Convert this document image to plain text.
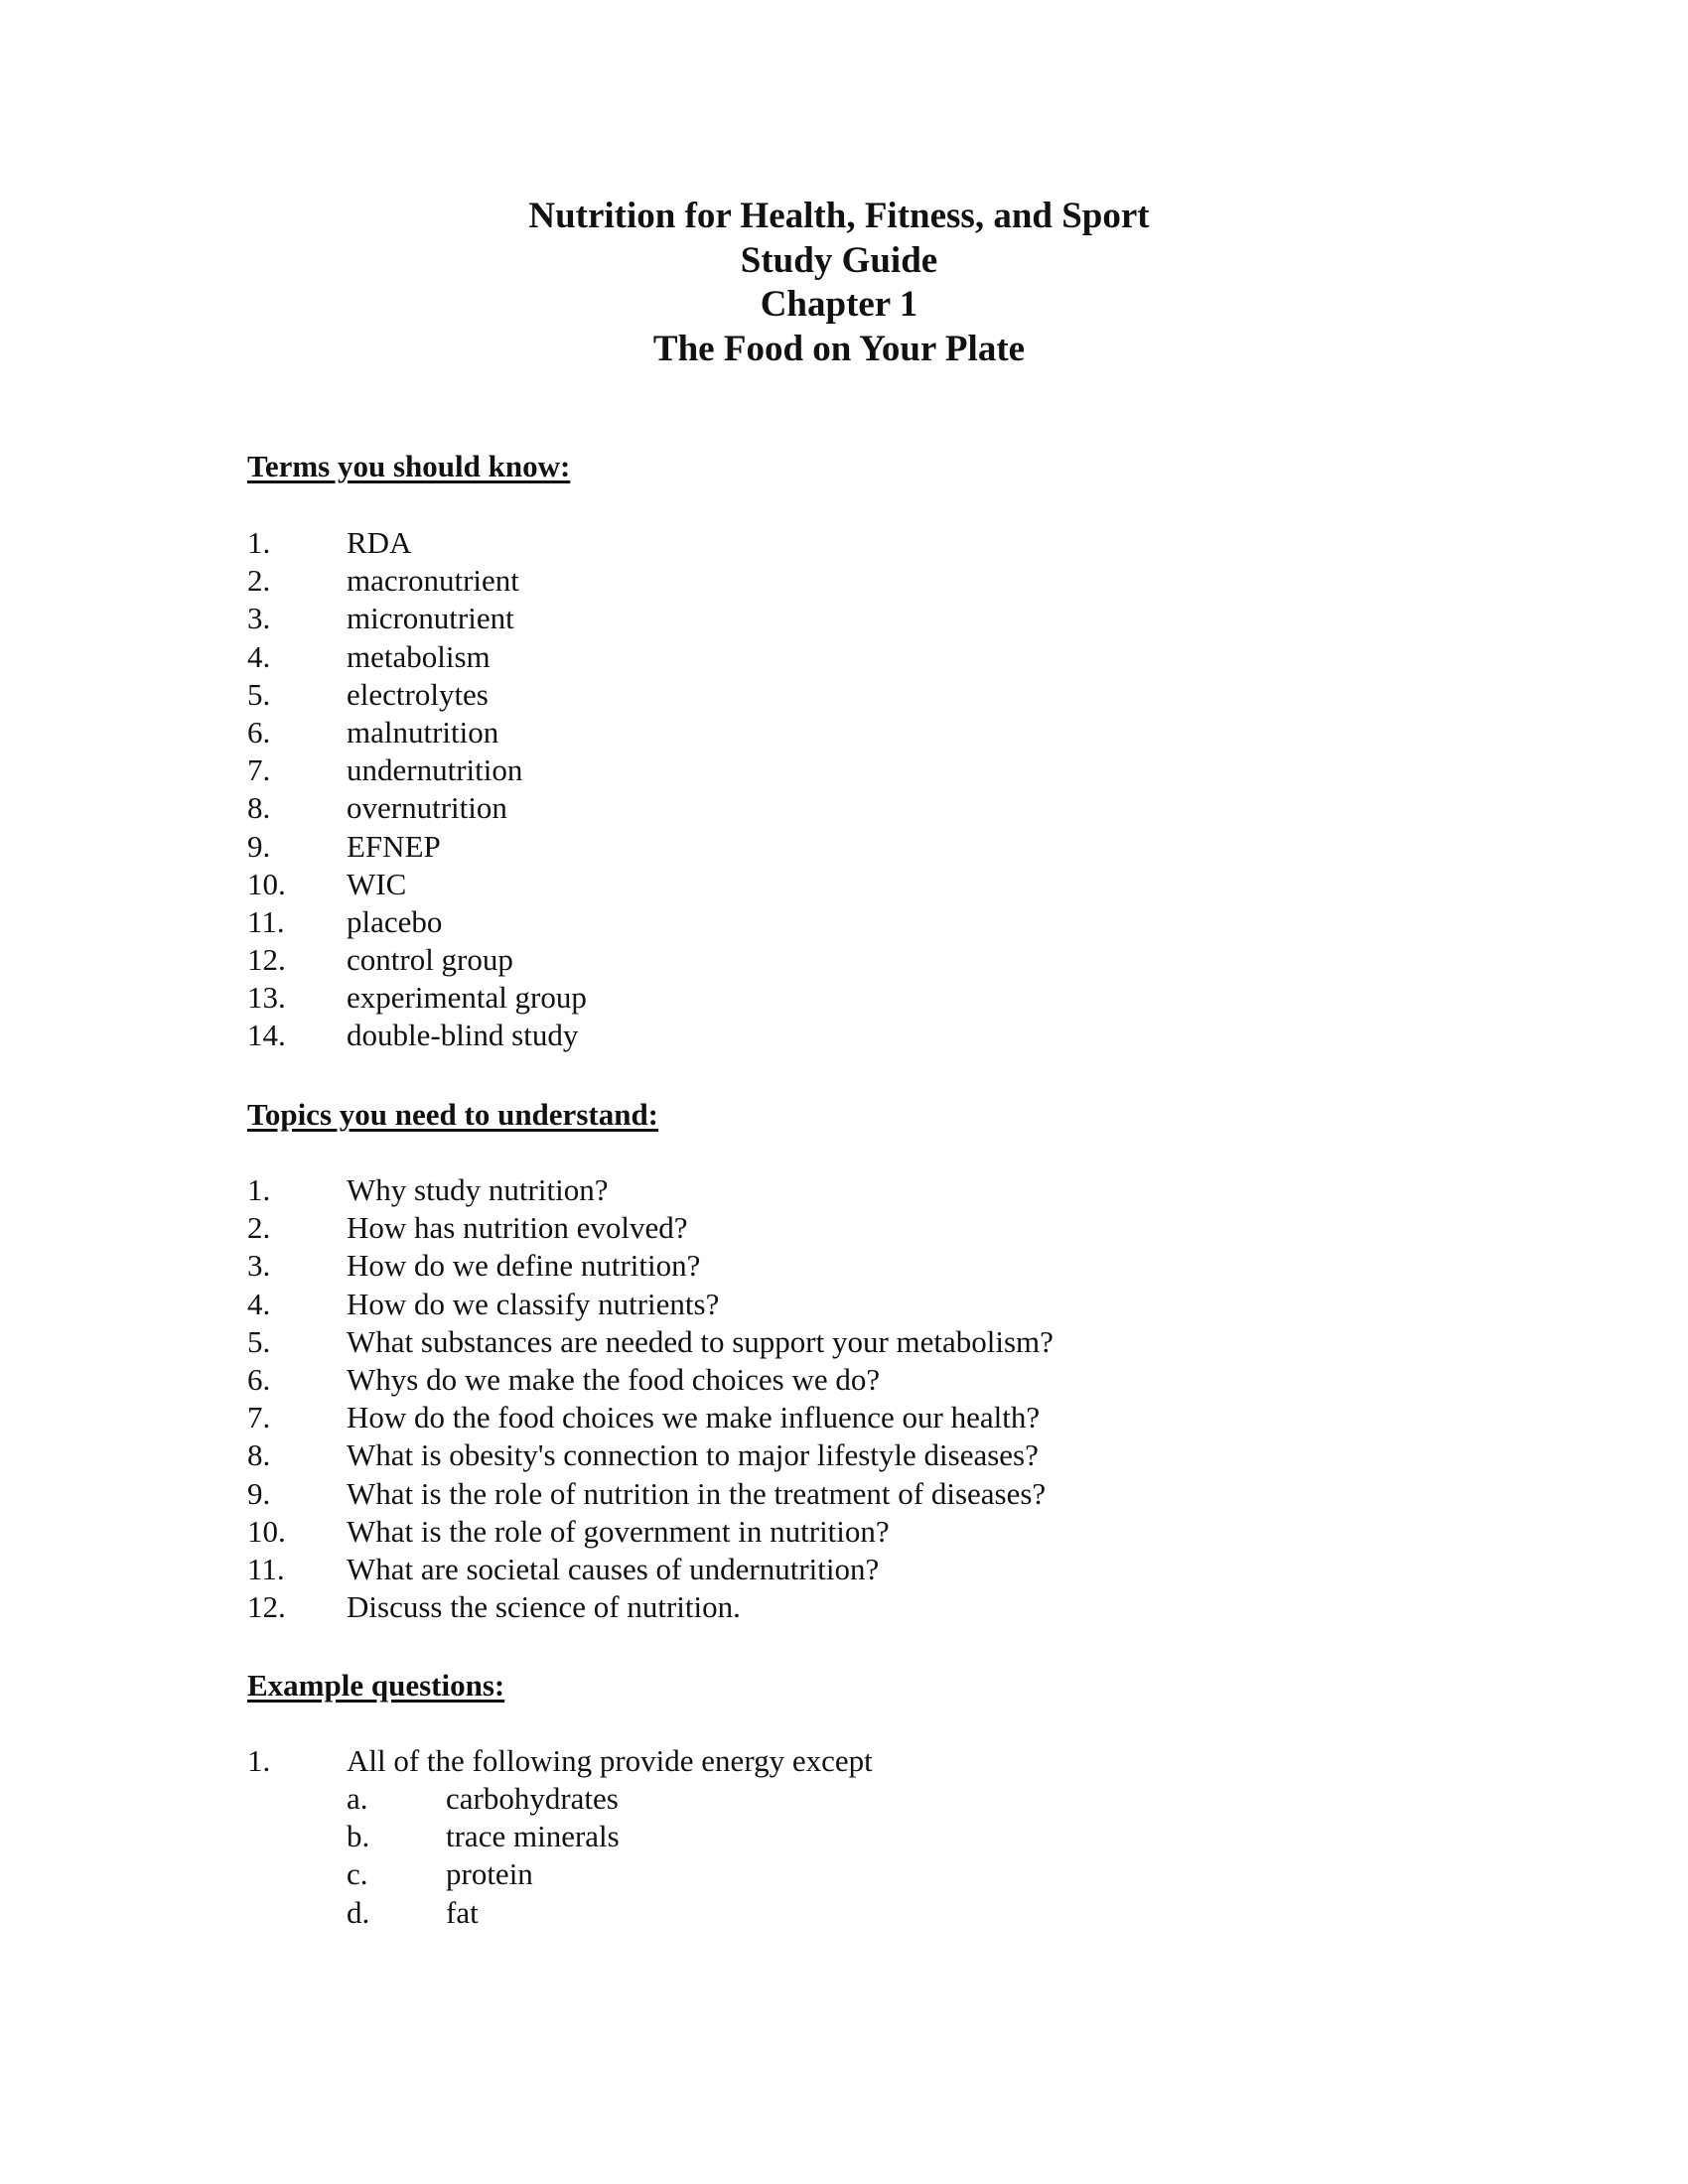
Nutrition for Health, Fitness, and Sport
Study Guide
Chapter 1
The Food on Your Plate
Terms you should know:
1. RDA
2. macronutrient
3. micronutrient
4. metabolism
5. electrolytes
6. malnutrition
7. undernutrition
8. overnutrition
9. EFNEP
10. WIC
11. placebo
12. control group
13. experimental group
14. double-blind study
Topics you need to understand:
1. Why study nutrition?
2. How has nutrition evolved?
3. How do we define nutrition?
4. How do we classify nutrients?
5. What substances are needed to support your metabolism?
6. Whys do we make the food choices we do?
7. How do the food choices we make influence our health?
8. What is obesity's connection to major lifestyle diseases?
9. What is the role of nutrition in the treatment of diseases?
10. What is the role of government in nutrition?
11. What are societal causes of undernutrition?
12. Discuss the science of nutrition.
Example questions:
1. All of the following provide energy except
a.	carbohydrates
b. trace minerals
c.	protein
d. fat
